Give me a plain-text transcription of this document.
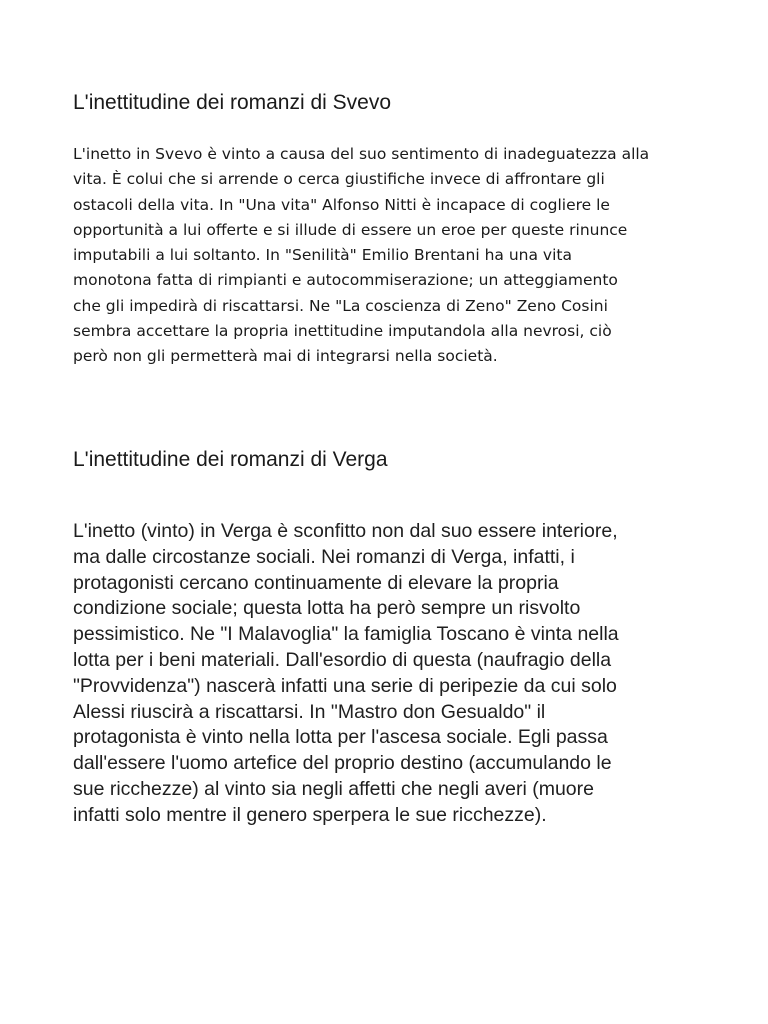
L'inettitudine dei romanzi di Svevo

L'inetto in Svevo è vinto a causa del suo sentimento di inadeguatezza alla
vita. È colui che si arrende o cerca giustifiche invece di affrontare gli
ostacoli della vita. In "Una vita" Alfonso Nitti è incapace di cogliere le
opportunità a lui offerte e si illude di essere un eroe per queste rinunce
imputabili a lui soltanto. In "Senilità" Emilio Brentani ha una vita
monotona fatta di rimpianti e autocommiserazione; un atteggiamento
che gli impedirà di riscattarsi. Ne "La coscienza di Zeno" Zeno Cosini
sembra accettare la propria inettitudine imputandola alla nevrosi, ciò
però non gli permetterà mai di integrarsi nella società.

L'inettitudine dei romanzi di Verga

L'inetto (vinto) in Verga è sconfitto non dal suo essere interiore,
ma dalle circostanze sociali. Nei romanzi di Verga, infatti, i
protagonisti cercano continuamente di elevare la propria
condizione sociale; questa lotta ha però sempre un risvolto
pessimistico. Ne "I Malavoglia" la famiglia Toscano è vinta nella
lotta per i beni materiali. Dall'esordio di questa (naufragio della
"Provvidenza") nascerà infatti una serie di peripezie da cui solo
Alessi riuscirà a riscattarsi. In "Mastro don Gesualdo" il
protagonista è vinto nella lotta per l'ascesa sociale. Egli passa
dall'essere l'uomo artefice del proprio destino (accumulando le
sue ricchezze) al vinto sia negli affetti che negli averi (muore
infatti solo mentre il genero sperpera le sue ricchezze).
